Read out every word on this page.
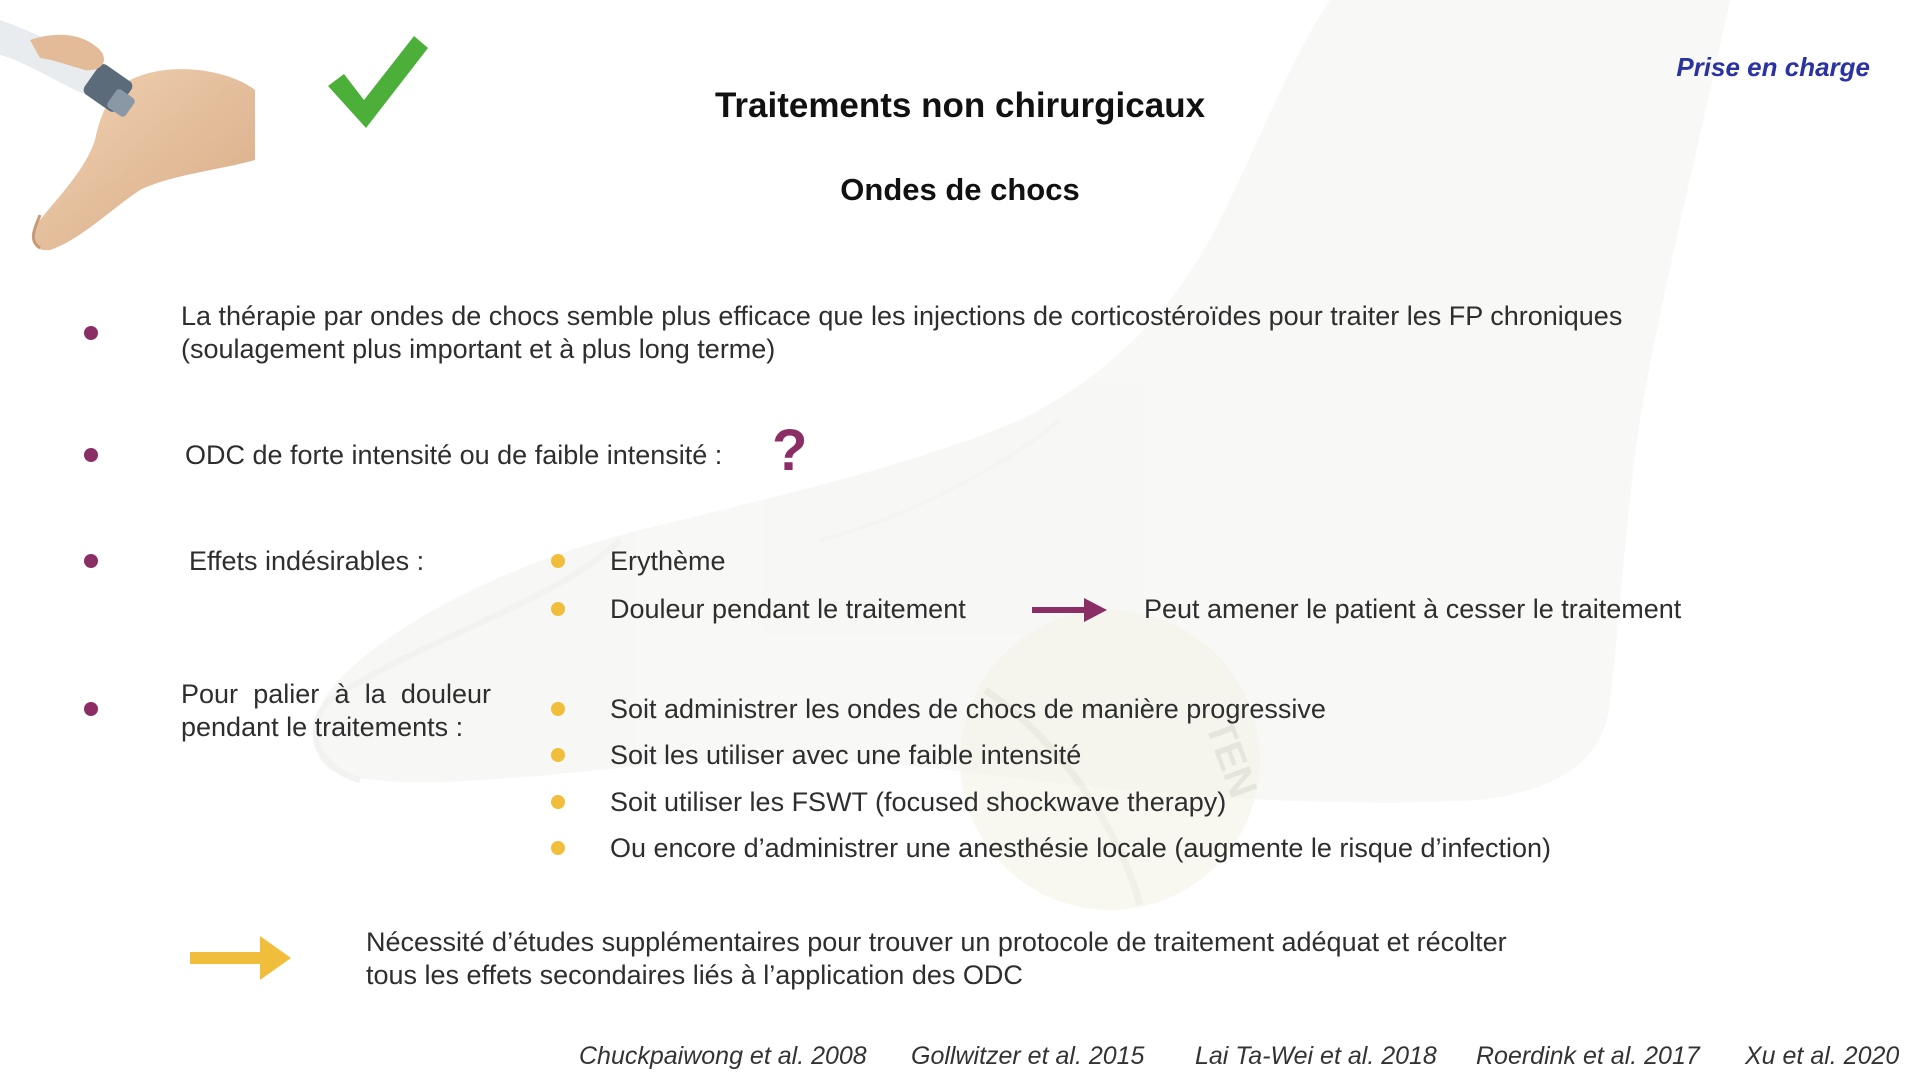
TEN
Prise en charge
Traitements non chirurgicaux
Ondes de chocs
La thérapie par ondes de chocs semble plus efficace que les injections de corticostéroïdes pour traiter les FP chroniques
(soulagement plus important et à plus long terme)
ODC de forte intensité ou de faible intensité : ?
Effets indésirables :	Erythème
Douleur pendant le traitement	Peut amener le patient à cesser le traitement
Pour palier à la douleur
pendant le traitements :
Soit administrer les ondes de chocs de manière progressive
Soit les utiliser avec une faible intensité
Soit utiliser les FSWT (focused shockwave therapy)
Ou encore d’administrer une anesthésie locale (augmente le risque d’infection)
Nécessité d’études supplémentaires pour trouver un protocole de traitement adéquat et récolter
tous les effets secondaires liés à l’application des ODC
Chuckpaiwong et al. 2008 Gollwitzer et al. 2015 Lai Ta-Wei et al. 2018 Roerdink et al. 2017 Xu et al. 2020
